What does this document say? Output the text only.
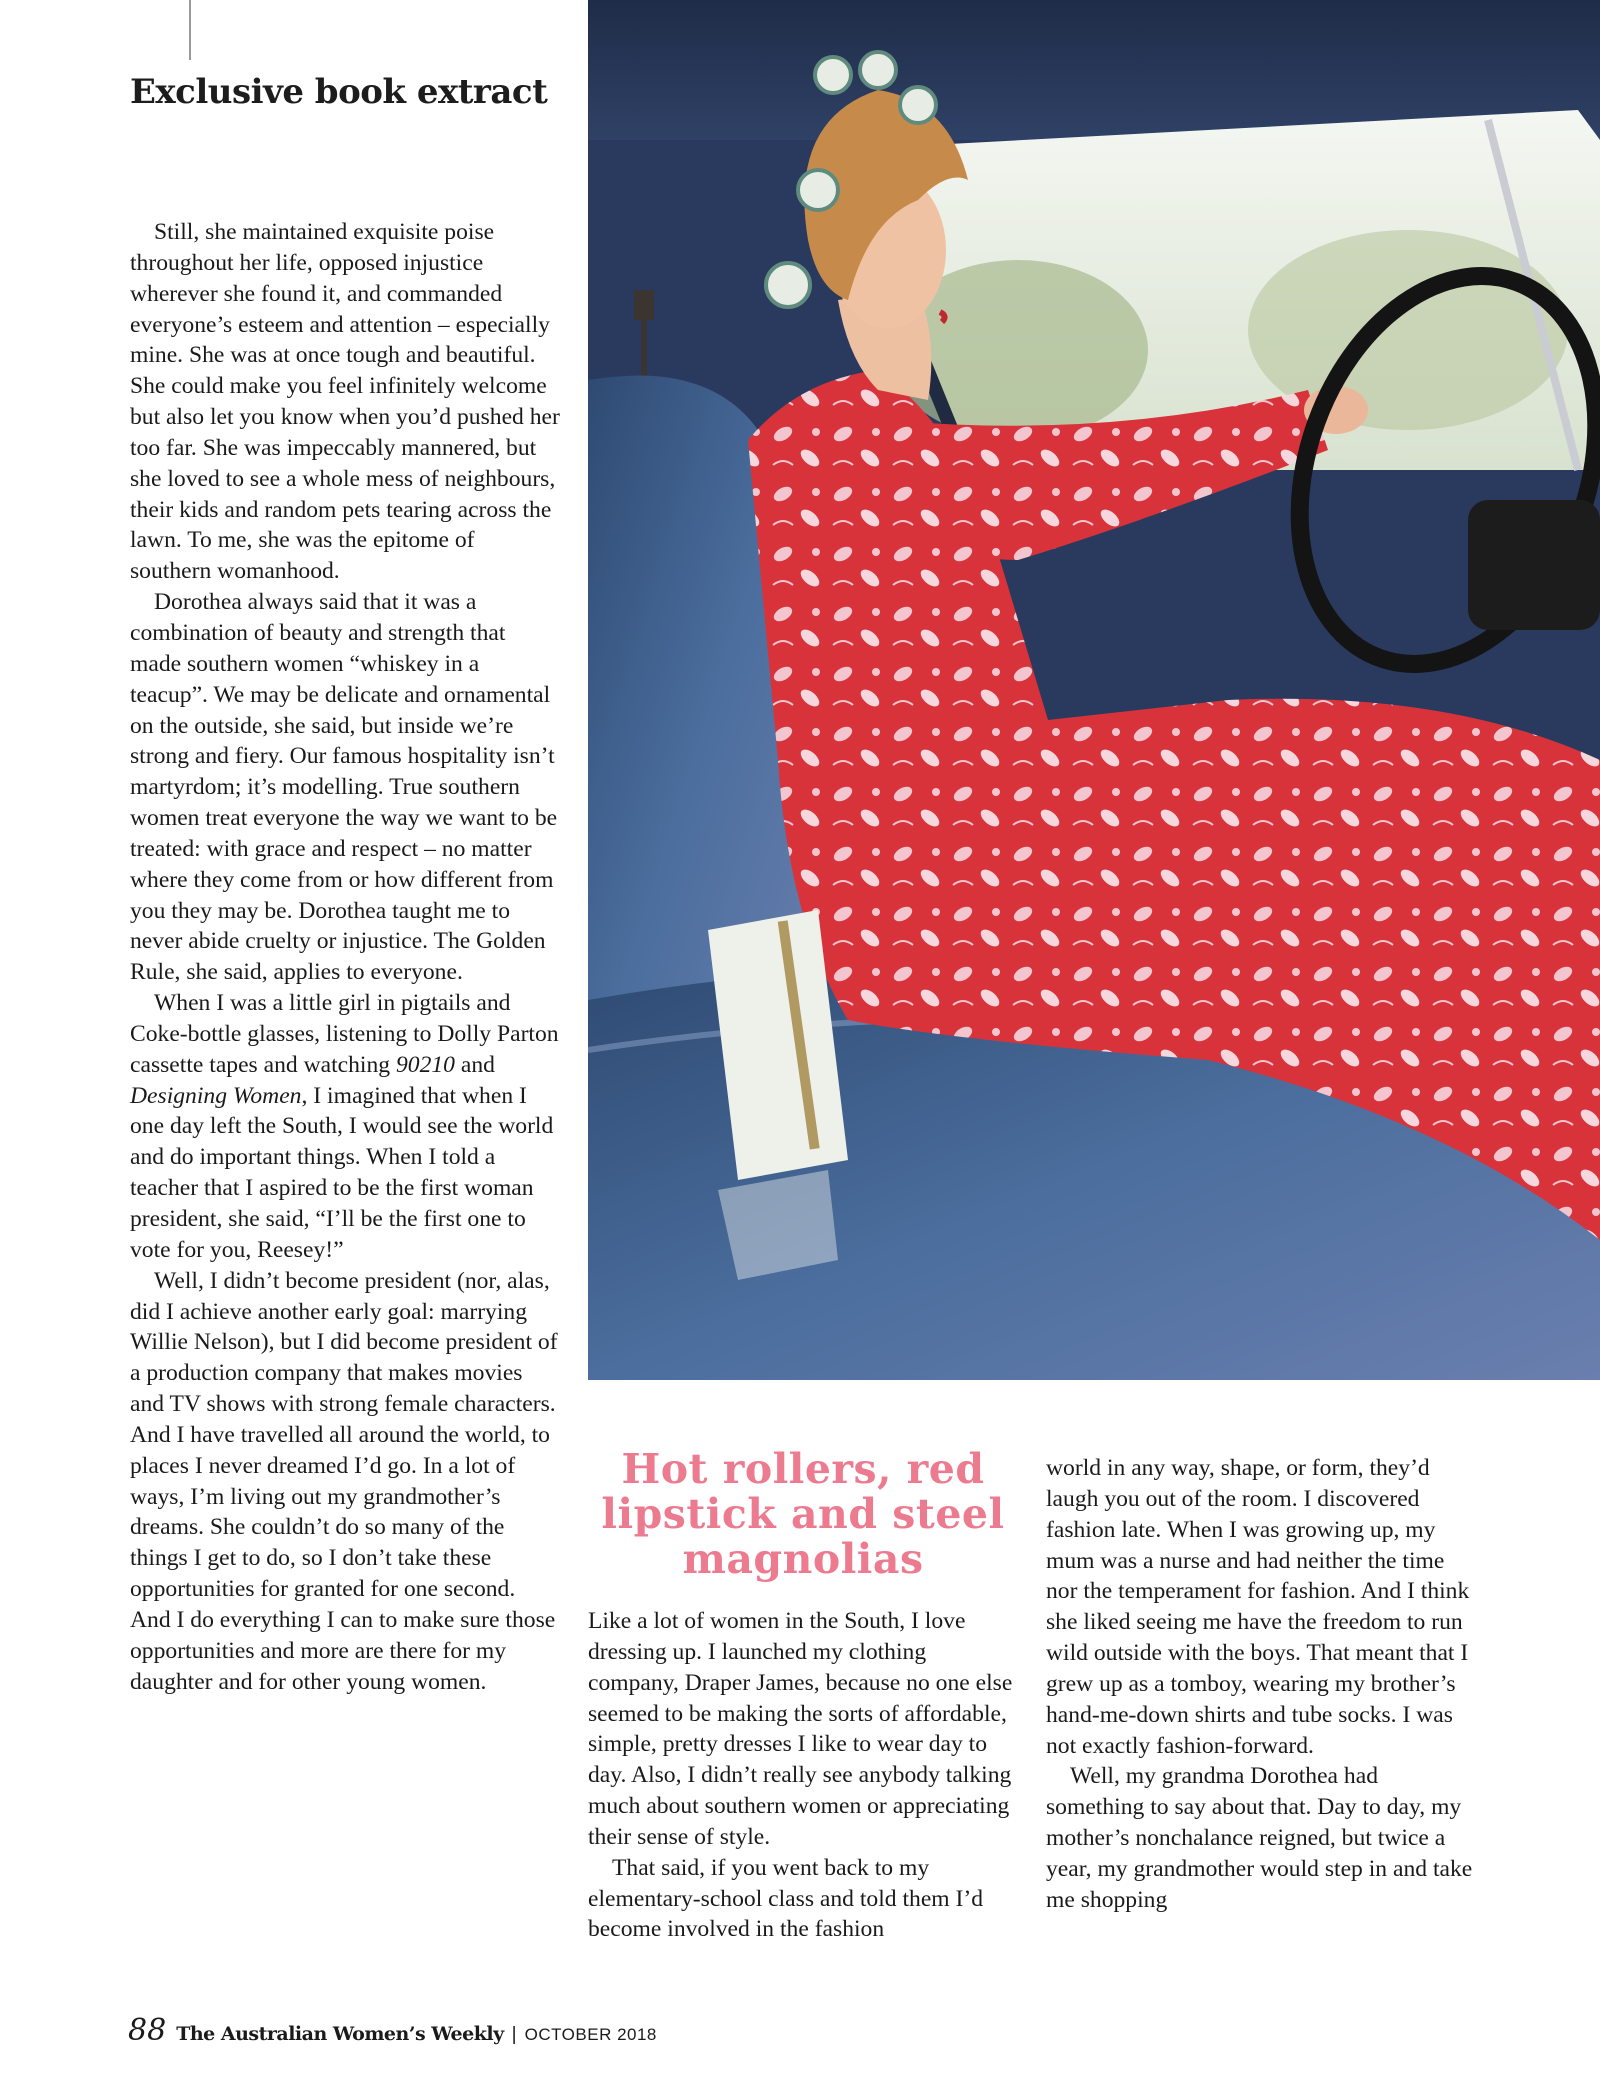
Exclusive book extract

Still, she maintained exquisite poise throughout her life, opposed injustice wherever she found it, and commanded everyone’s esteem and attention – especially mine. She was at once tough and beautiful. She could make you feel infinitely welcome but also let you know when you’d pushed her too far. She was impeccably mannered, but she loved to see a whole mess of neighbours, their kids and random pets tearing across the lawn. To me, she was the epitome of southern womanhood.

Dorothea always said that it was a combination of beauty and strength that made southern women “whiskey in a teacup”. We may be delicate and ornamental on the outside, she said, but inside we’re strong and fiery. Our famous hospitality isn’t martyrdom; it’s modelling. True southern women treat everyone the way we want to be treated: with grace and respect – no matter where they come from or how different from you they may be. Dorothea taught me to never abide cruelty or injustice. The Golden Rule, she said, applies to everyone.

When I was a little girl in pigtails and Coke-bottle glasses, listening to Dolly Parton cassette tapes and watching 90210 and Designing Women, I imagined that when I one day left the South, I would see the world and do important things. When I told a teacher that I aspired to be the first woman president, she said, “I’ll be the first one to vote for you, Reesey!”

Well, I didn’t become president (nor, alas, did I achieve another early goal: marrying Willie Nelson), but I did become president of a production company that makes movies and TV shows with strong female characters. And I have travelled all around the world, to places I never dreamed I’d go. In a lot of ways, I’m living out my grandmother’s dreams. She couldn’t do so many of the things I get to do, so I don’t take these opportunities for granted for one second. And I do everything I can to make sure those opportunities and more are there for my daughter and for other young women.

Hot rollers, red lipstick and steel magnolias

Like a lot of women in the South, I love dressing up. I launched my clothing company, Draper James, because no one else seemed to be making the sorts of affordable, simple, pretty dresses I like to wear day to day. Also, I didn’t really see anybody talking much about southern women or appreciating their sense of style.

That said, if you went back to my elementary-school class and told them I’d become involved in the fashion

world in any way, shape, or form, they’d laugh you out of the room. I discovered fashion late. When I was growing up, my mum was a nurse and had neither the time nor the temperament for fashion. And I think she liked seeing me have the freedom to run wild outside with the boys. That meant that I grew up as a tomboy, wearing my brother’s hand-me-down shirts and tube socks. I was not exactly fashion-forward.

Well, my grandma Dorothea had something to say about that. Day to day, my mother’s nonchalance reigned, but twice a year, my grandmother would step in and take me shopping

88 The Australian Women’s Weekly | OCTOBER 2018
